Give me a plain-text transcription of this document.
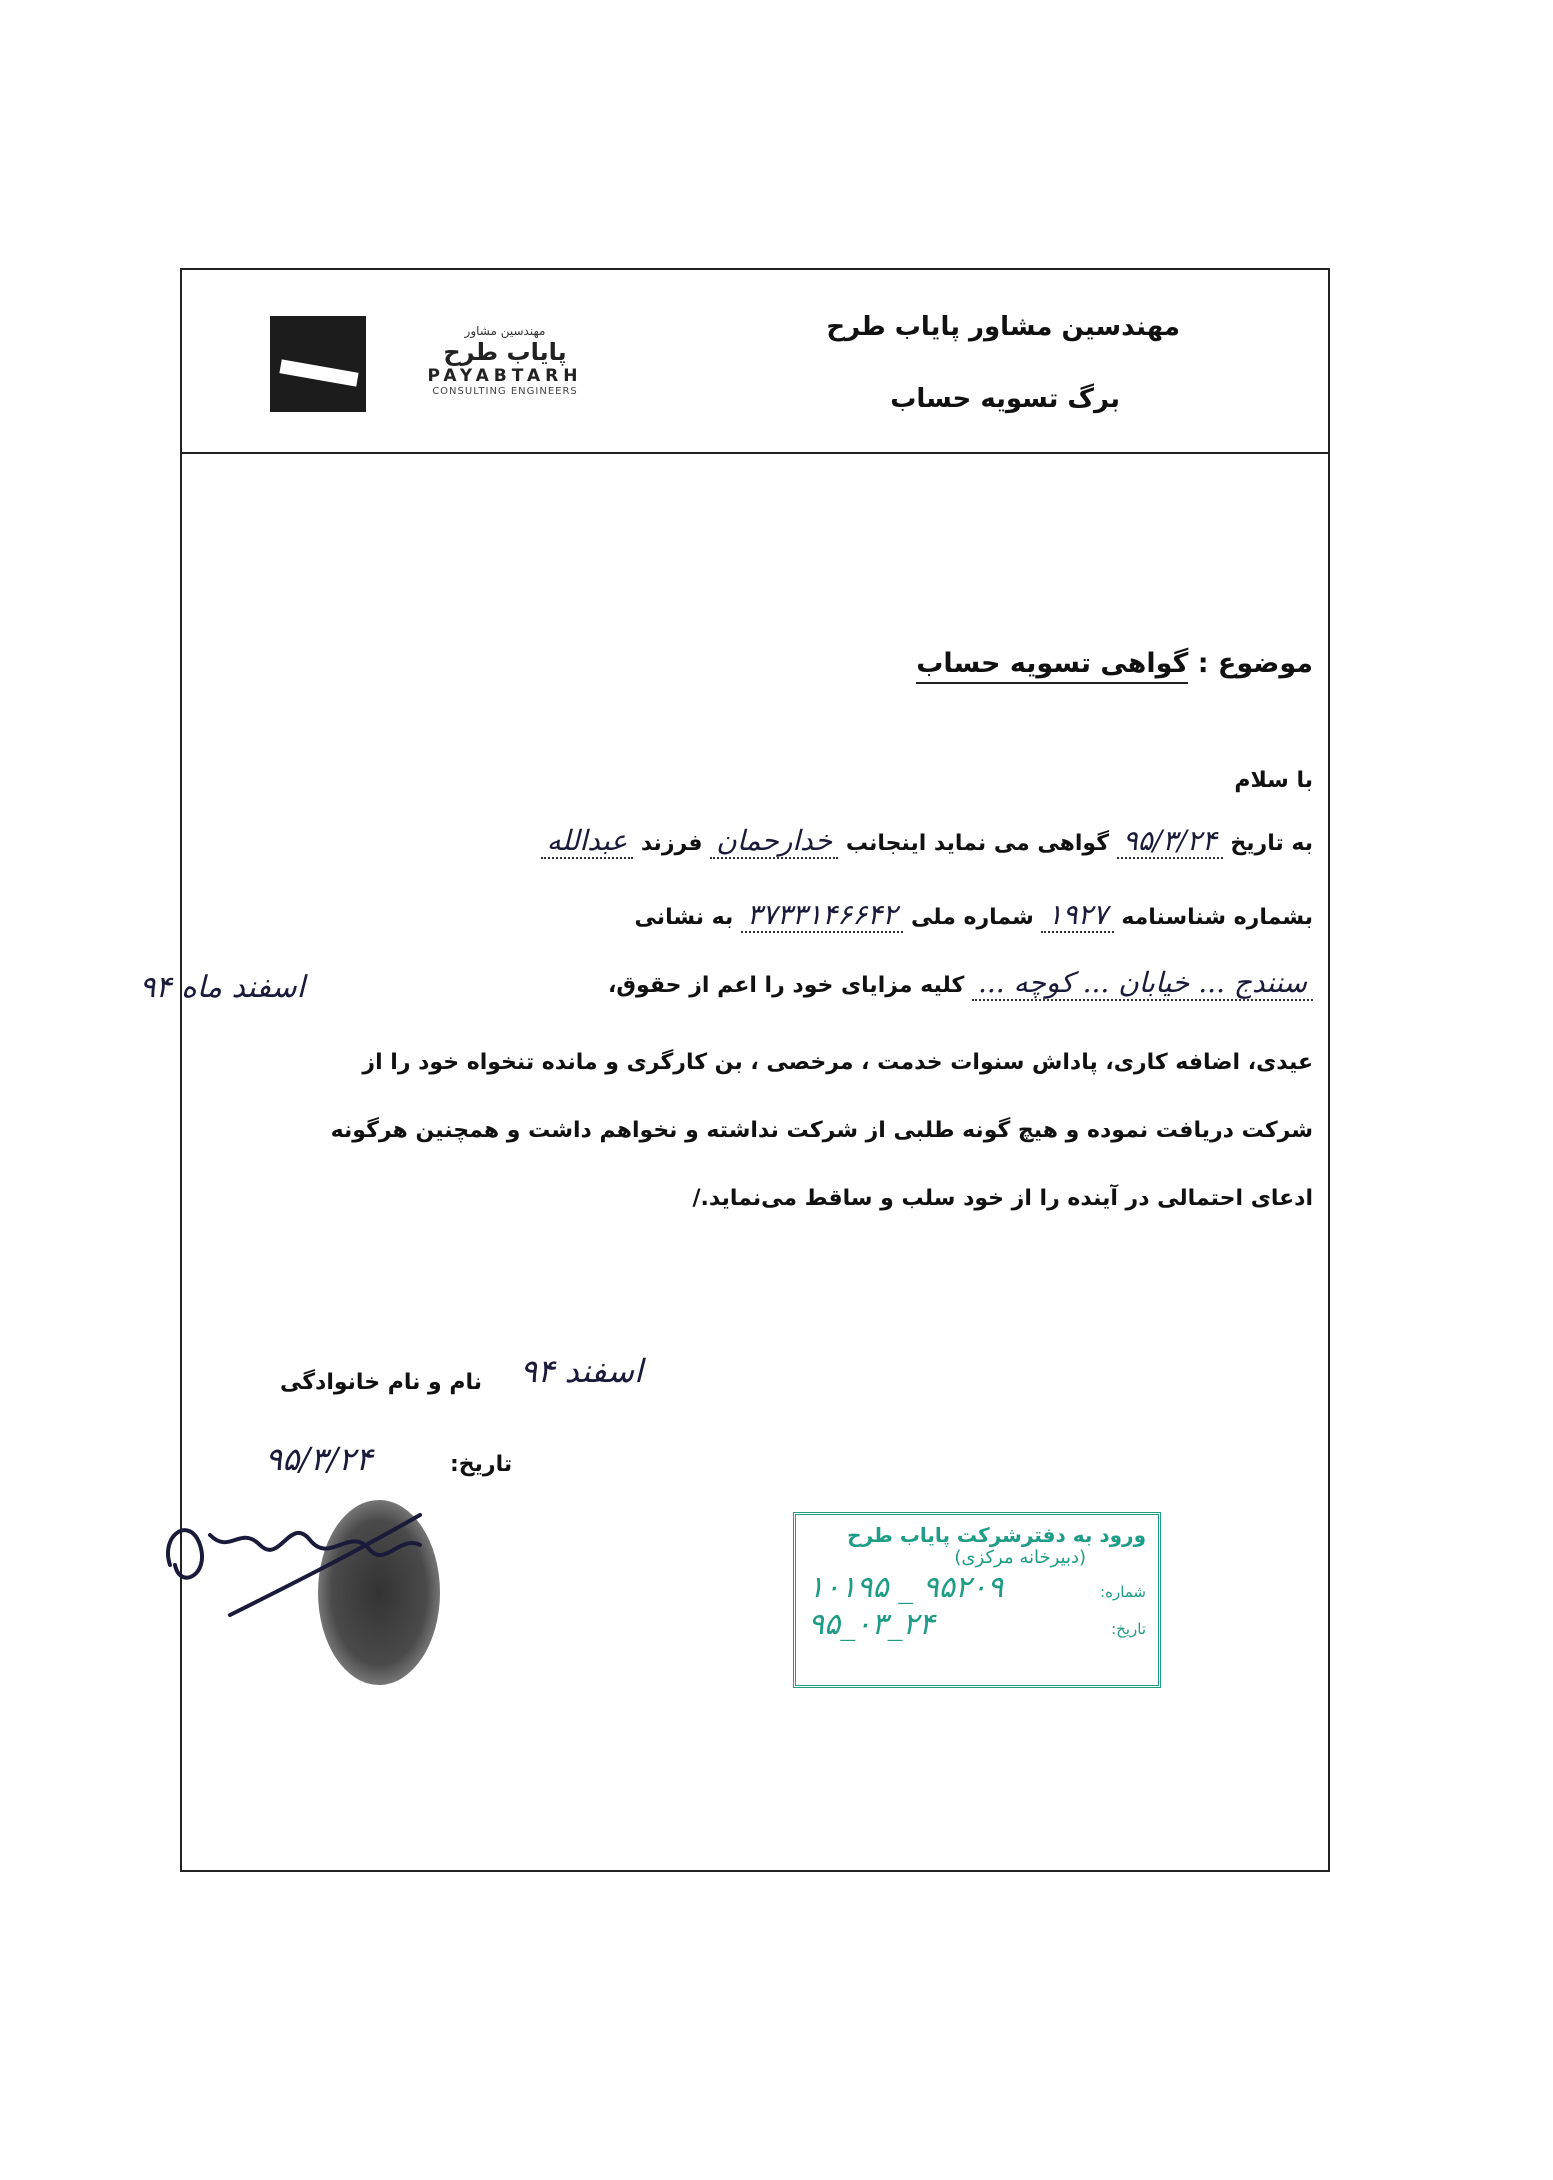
مهندسین مشاور
پایاب طرح
PAYABTARH
CONSULTING ENGINEERS
مهندسین مشاور پایاب طرح
برگ تسویه حساب
موضوع : گواهی تسویه حساب
با سلام
به تاریخ ۹۵/۳/۲۴ گواهی می نماید اینجانب خدارحمان فرزند عبدالله
بشماره شناسنامه ۱۹۲۷ شماره ملی ۳۷۳۳۱۴۶۶۴۲ به نشانی
سنندج ... خیابان ... کوچه ... کلیه مزایای خود را اعم از حقوق،
عیدی، اضافه کاری، پاداش سنوات خدمت ، مرخصی ، بن کارگری و مانده تنخواه خود را از
شرکت دریافت نموده و هیچ گونه طلبی از شرکت نداشته و نخواهم داشت و همچنین هرگونه
ادعای احتمالی در آینده را از خود سلب و ساقط می‌نماید./
اسفند ماه ۹۴
نام و نام خانوادگی اسفند ۹۴
تاریخ:
۹۵/۳/۲۴
ورود به دفترشرکت پایاب طرح
(دبیرخانه مرکزی)
شماره:
۱۰۱۹۵ _ ۹۵۲۰۹
تاریخ:
۹۵_۰۳_۲۴
